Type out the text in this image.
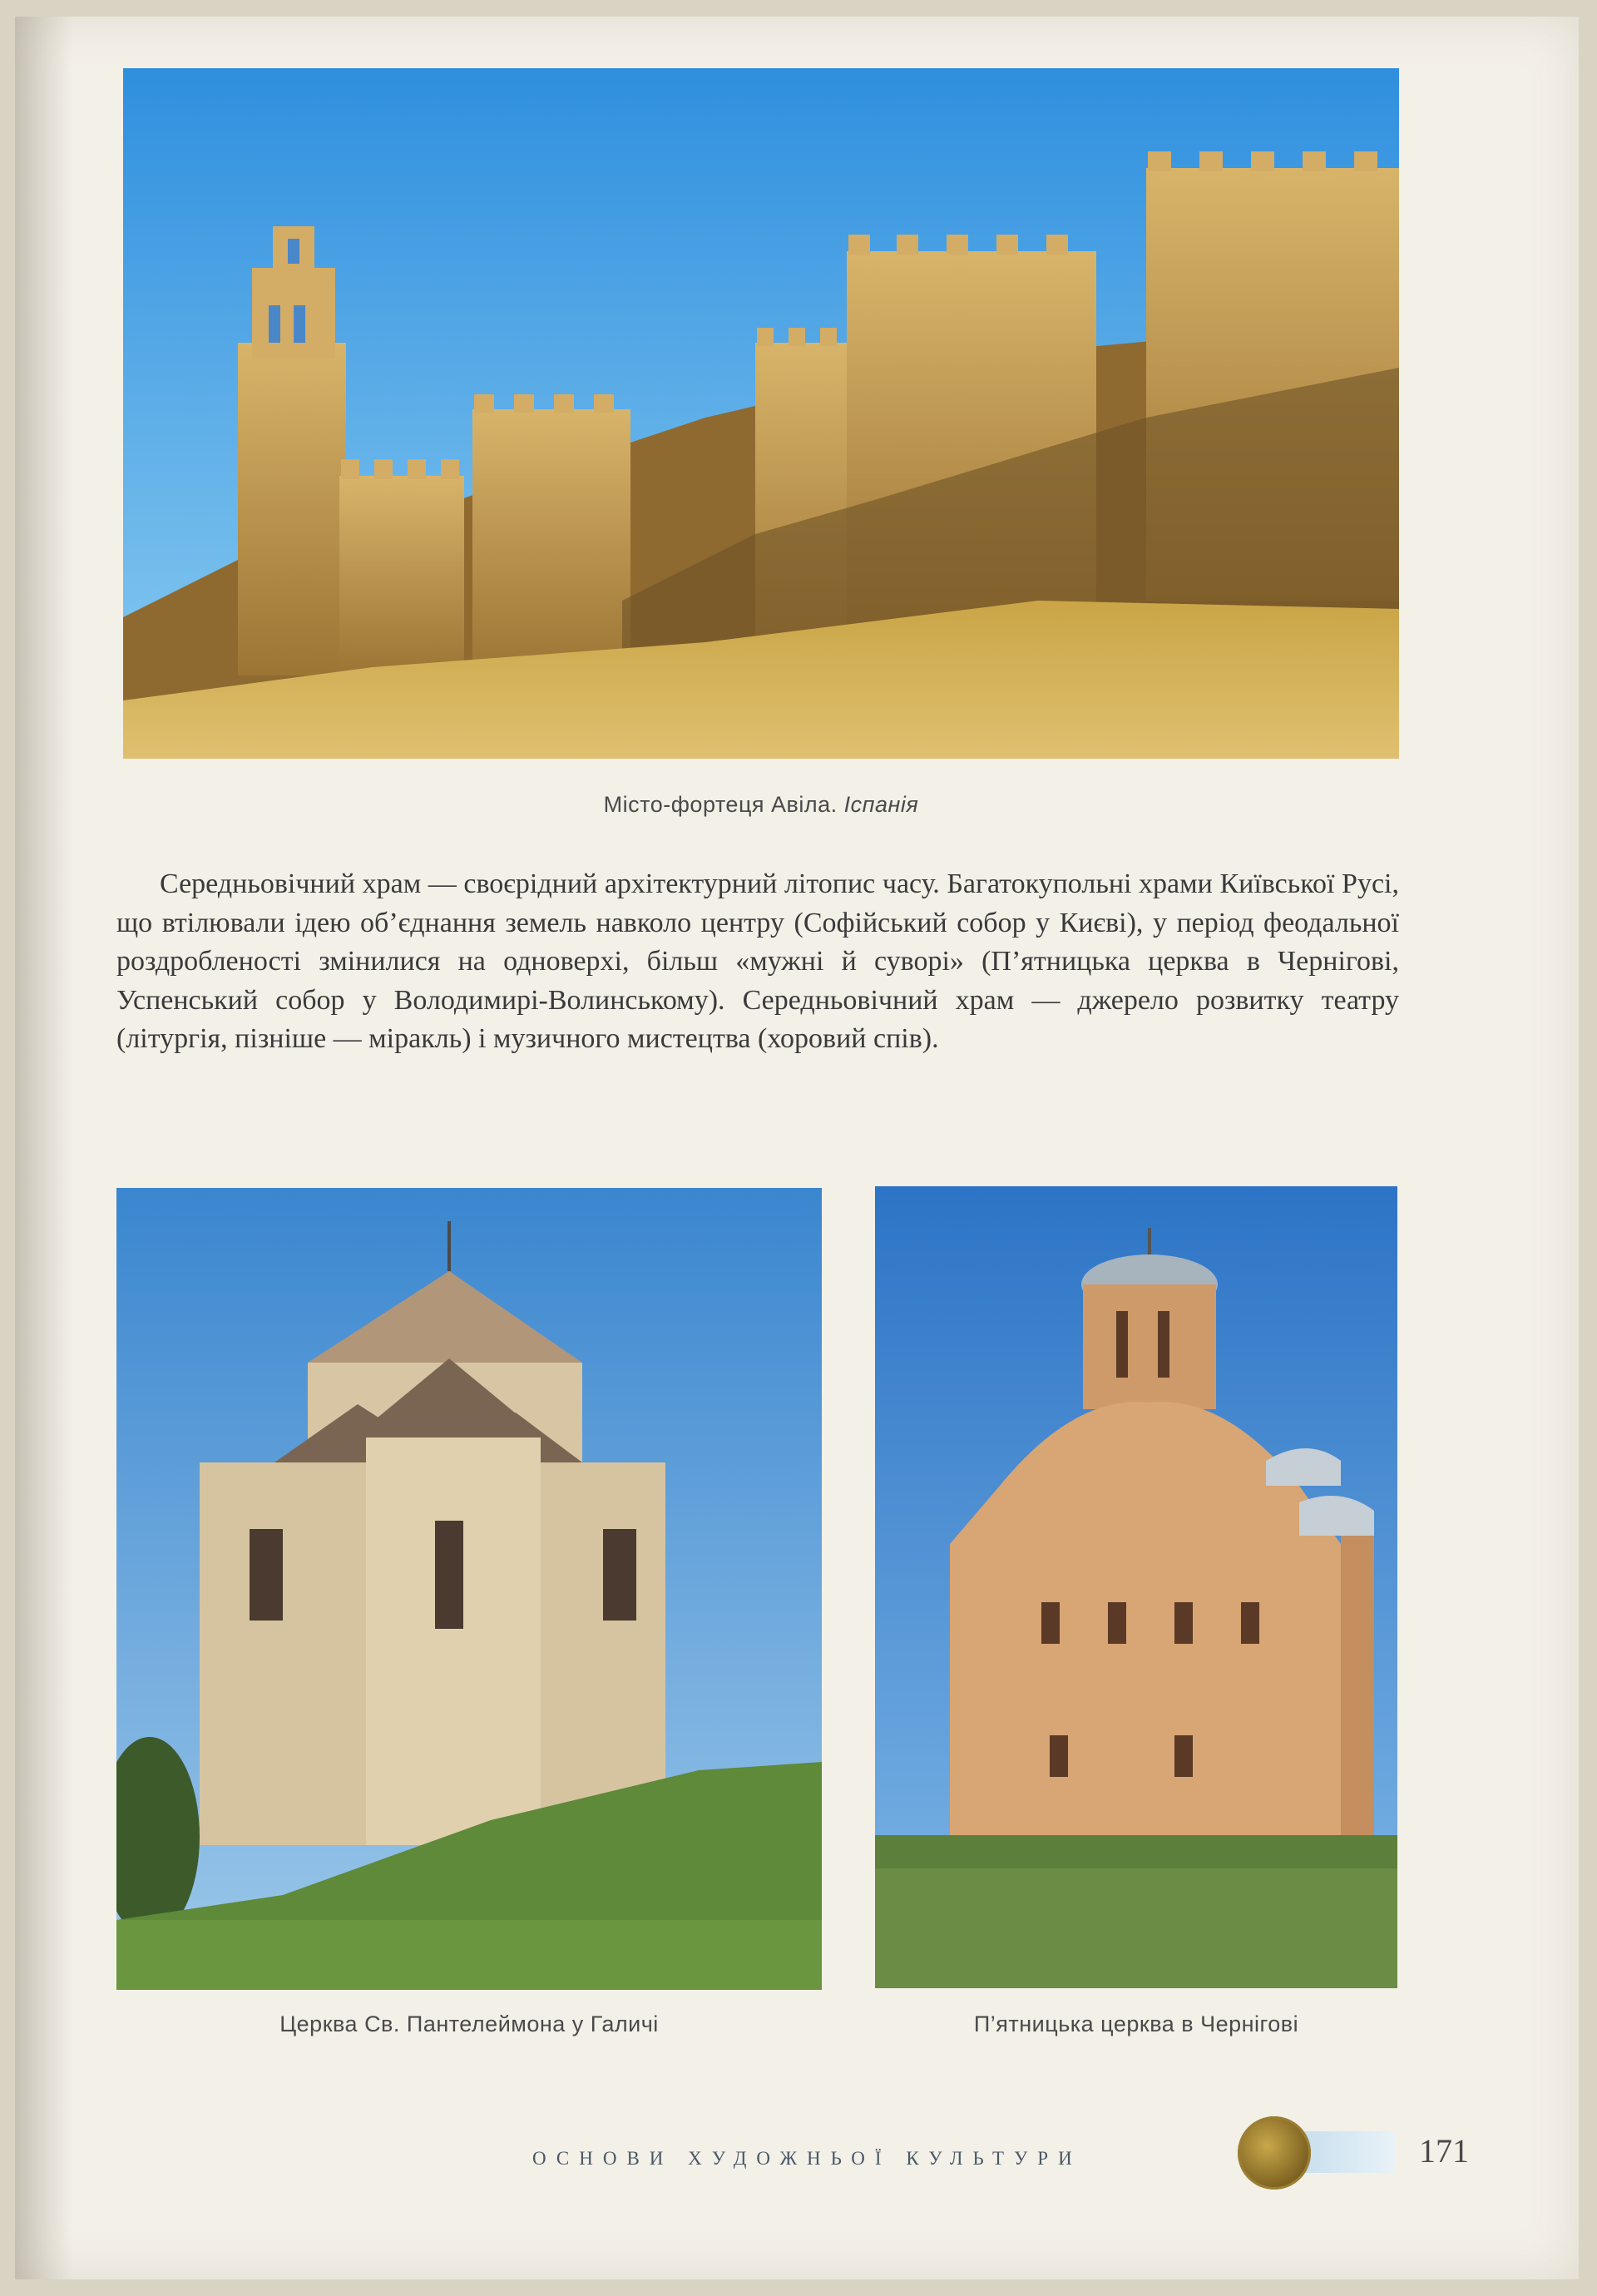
Місто-фортеця Авіла. Іспанія
Середньовічний храм — своєрідний архітектурний літопис часу. Багатокупольні храми Київської Русі, що втілювали ідею об’єднання земель навколо центру (Софійський собор у Києві), у період феодальної роздробленості змінилися на одноверхі, більш «мужні й суворі» (П’ятницька церква в Чернігові, Успенський собор у Володимирі-Волинському). Середньовічний храм — джерело розвитку театру (літургія, пізніше — міракль) і музичного мистецтва (хоровий спів).
Церква Св. Пантелеймона у Галичі	П’ятницька церква в Чернігові
ОСНОВИ ХУДОЖНЬОЇ КУЛЬТУРИ	171
